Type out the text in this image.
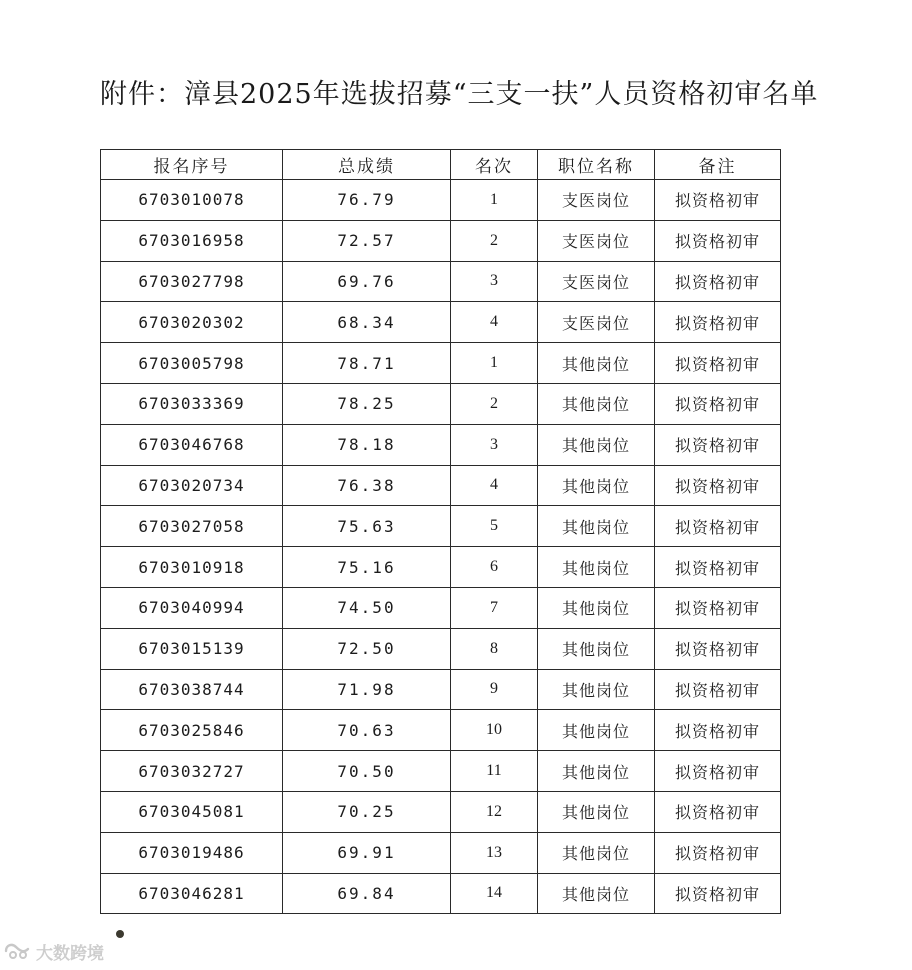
附件：漳县2025年选拔招募“三支一扶”人员资格初审名单
报名序号	总成绩	名次	职位名称	备注
6703010078	76.79	1	支医岗位	拟资格初审
6703016958	72.57	2	支医岗位	拟资格初审
6703027798	69.76	3	支医岗位	拟资格初审
6703020302	68.34	4	支医岗位	拟资格初审
6703005798	78.71	1	其他岗位	拟资格初审
6703033369	78.25	2	其他岗位	拟资格初审
6703046768	78.18	3	其他岗位	拟资格初审
6703020734	76.38	4	其他岗位	拟资格初审
6703027058	75.63	5	其他岗位	拟资格初审
6703010918	75.16	6	其他岗位	拟资格初审
6703040994	74.50	7	其他岗位	拟资格初审
6703015139	72.50	8	其他岗位	拟资格初审
6703038744	71.98	9	其他岗位	拟资格初审
6703025846	70.63	10	其他岗位	拟资格初审
6703032727	70.50	11	其他岗位	拟资格初审
6703045081	70.25	12	其他岗位	拟资格初审
6703019486	69.91	13	其他岗位	拟资格初审
6703046281	69.84	14	其他岗位	拟资格初审
大数跨境
